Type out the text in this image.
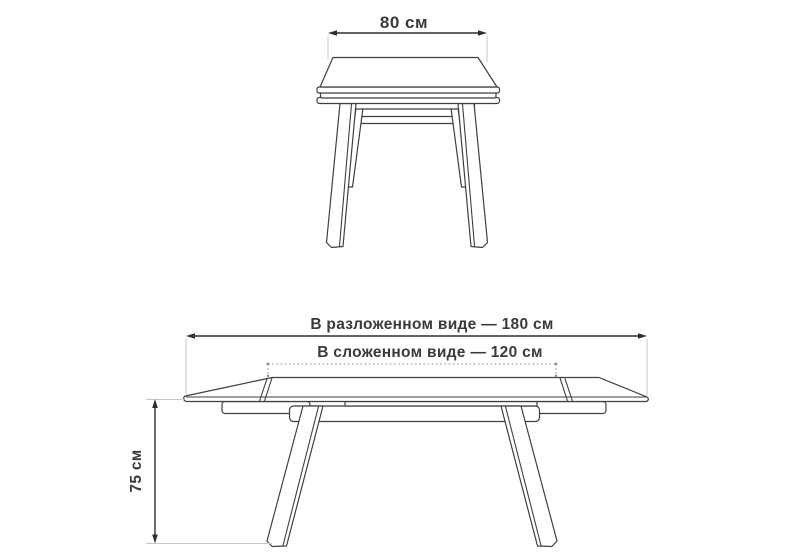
80 см
В разложенном виде — 180 см
В сложенном виде — 120 см
75 см
